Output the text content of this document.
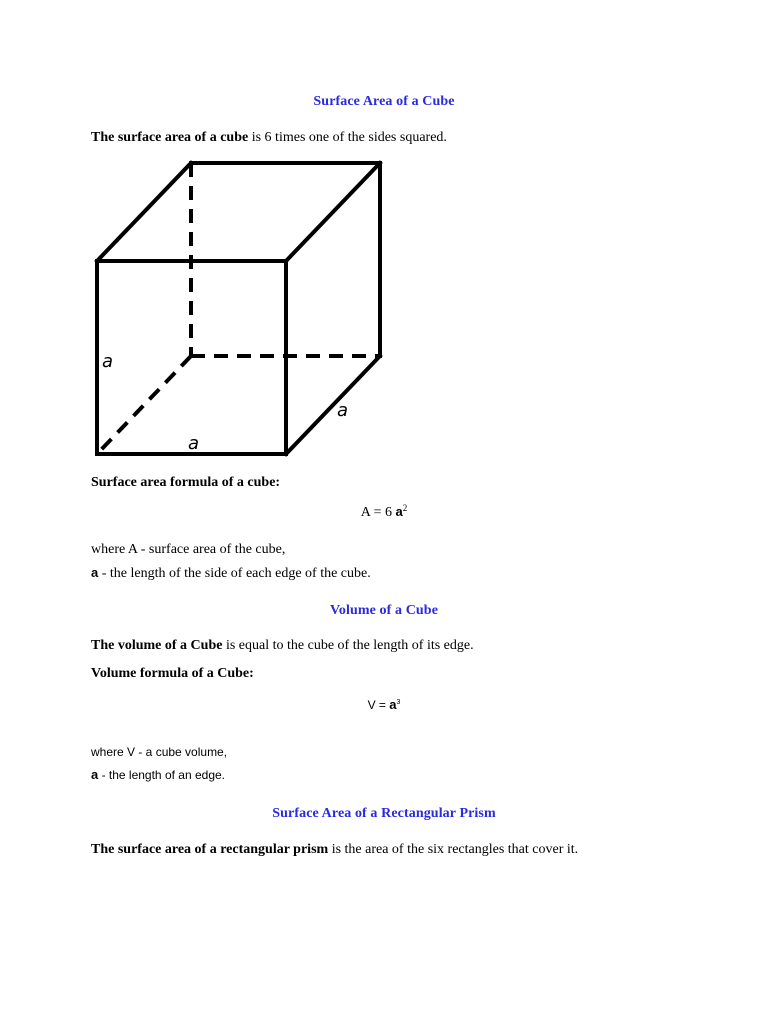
Surface Area of a Cube
The surface area of a cube is 6 times one of the sides squared.
a
a
a
Surface area formula of a cube:
A = 6 $a^2$
where A - surface area of the cube,
a - the length of the side of each edge of the cube.
Volume of a Cube
The volume of a Cube is equal to the cube of the length of its edge.
Volume formula of a Cube:
$V = a^3$
where V - a cube volume,
a - the length of an edge.
Surface Area of a Rectangular Prism
The surface area of a rectangular prism is the area of the six rectangles that cover it.
